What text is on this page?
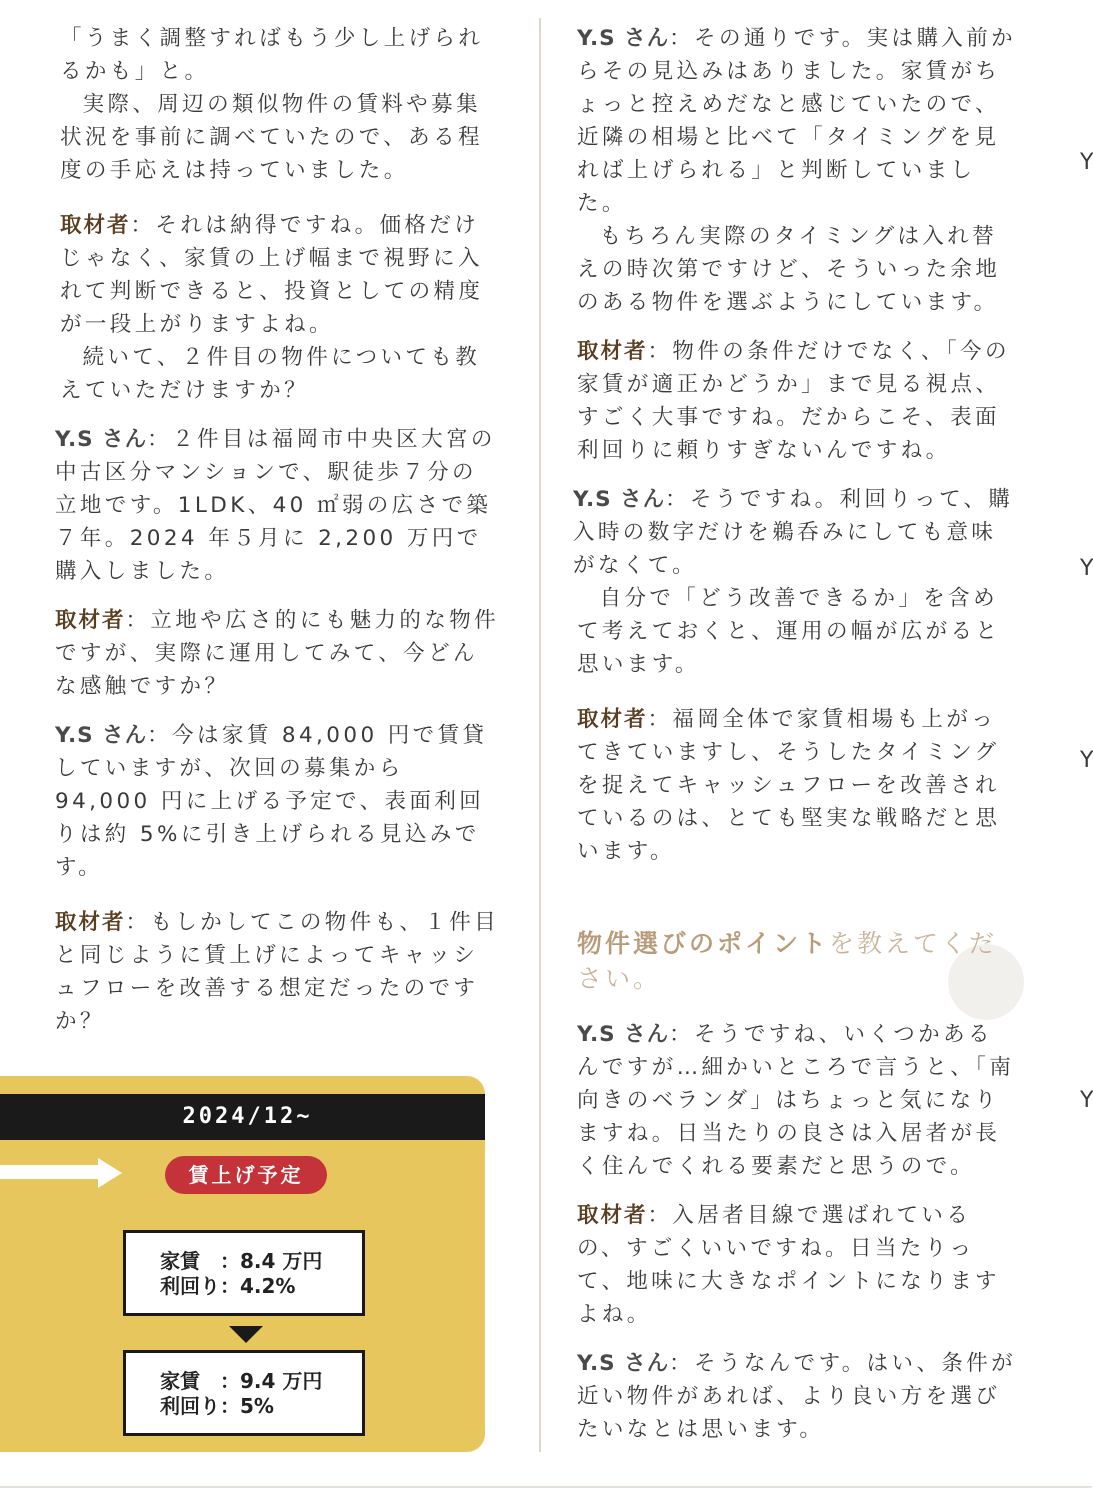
「うまく調整すればもう少し上げられるかも」と。

実際、周辺の類似物件の賃料や募集状況を事前に調べていたので、ある程度の手応えは持っていました。

取材者：それは納得ですね。価格だけじゃなく、家賃の上げ幅まで視野に入れて判断できると、投資としての精度が一段上がりますよね。

続いて、２件目の物件についても教えていただけますか？

Y.S さん：２件目は福岡市中央区大宮の中古区分マンションで、駅徒歩７分の立地です。1LDK、40 ㎡弱の広さで築７年。2024 年５月に 2,200 万円で購入しました。

取材者：立地や広さ的にも魅力的な物件ですが、実際に運用してみて、今どんな感触ですか？

Y.S さん：今は家賃 84,000 円で賃貸していますが、次回の募集から 94,000 円に上げる予定で、表面利回りは約 5%に引き上げられる見込みです。

取材者：もしかしてこの物件も、１件目と同じように賃上げによってキャッシュフローを改善する想定だったのですか？

2024/12~
賃上げ予定
家賃　：8.4 万円
利回り：4.2%
家賃　：9.4 万円
利回り：5%

Y.S さん：その通りです。実は購入前からその見込みはありました。家賃がちょっと控えめだなと感じていたので、近隣の相場と比べて「タイミングを見れば上げられる」と判断していました。

もちろん実際のタイミングは入れ替えの時次第ですけど、そういった余地のある物件を選ぶようにしています。

取材者：物件の条件だけでなく、「今の家賃が適正かどうか」まで見る視点、すごく大事ですね。だからこそ、表面利回りに頼りすぎないんですね。

Y.S さん：そうですね。利回りって、購入時の数字だけを鵜呑みにしても意味がなくて。

自分で「どう改善できるか」を含めて考えておくと、運用の幅が広がると思います。

取材者：福岡全体で家賃相場も上がってきていますし、そうしたタイミングを捉えてキャッシュフローを改善されているのは、とても堅実な戦略だと思います。

物件選びのポイントを教えてください。

Y.S さん：そうですね、いくつかあるんですが…細かいところで言うと、「南向きのベランダ」はちょっと気になりますね。日当たりの良さは入居者が長く住んでくれる要素だと思うので。

取材者：入居者目線で選ばれているの、すごくいいですね。日当たりって、地味に大きなポイントになりますよね。

Y.S さん：そうなんです。はい、条件が近い物件があれば、より良い方を選びたいなとは思います。

Y
Y
Y
Y
